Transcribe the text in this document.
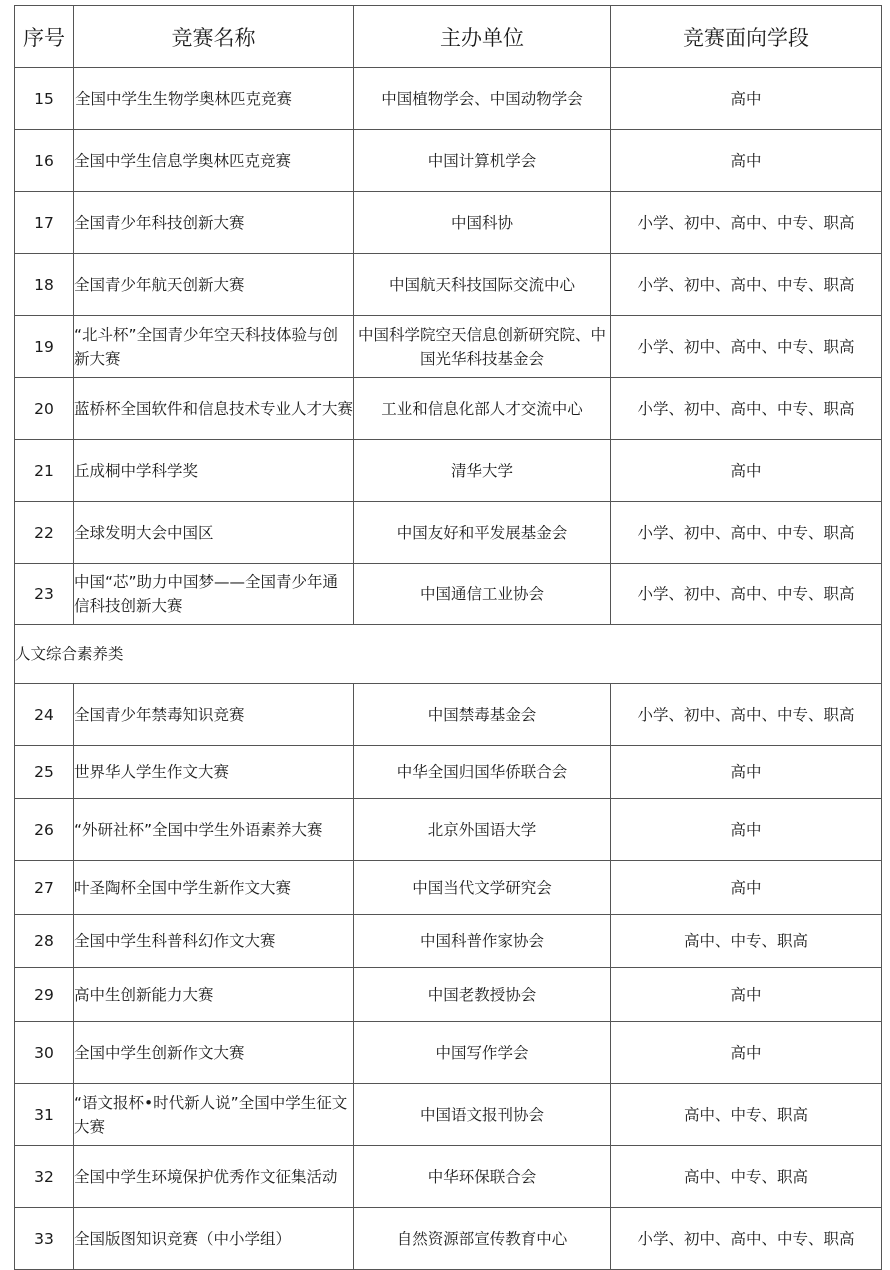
序号	竞赛名称	主办单位	竞赛面向学段
15	全国中学生生物学奥林匹克竞赛	中国植物学会、中国动物学会	高中
16	全国中学生信息学奥林匹克竞赛	中国计算机学会	高中
17	全国青少年科技创新大赛	中国科协	小学、初中、高中、中专、职高
18	全国青少年航天创新大赛	中国航天科技国际交流中心	小学、初中、高中、中专、职高
19	“北斗杯”全国青少年空天科技体验与创新大赛	中国科学院空天信息创新研究院、中国光华科技基金会	小学、初中、高中、中专、职高
20	蓝桥杯全国软件和信息技术专业人才大赛	工业和信息化部人才交流中心	小学、初中、高中、中专、职高
21	丘成桐中学科学奖	清华大学	高中
22	全球发明大会中国区	中国友好和平发展基金会	小学、初中、高中、中专、职高
23	中国“芯”助力中国梦——全国青少年通信科技创新大赛	中国通信工业协会	小学、初中、高中、中专、职高
人文综合素养类			
24	全国青少年禁毒知识竞赛	中国禁毒基金会	小学、初中、高中、中专、职高
25	世界华人学生作文大赛	中华全国归国华侨联合会	高中
26	“外研社杯”全国中学生外语素养大赛	北京外国语大学	高中
27	叶圣陶杯全国中学生新作文大赛	中国当代文学研究会	高中
28	全国中学生科普科幻作文大赛	中国科普作家协会	高中、中专、职高
29	高中生创新能力大赛	中国老教授协会	高中
30	全国中学生创新作文大赛	中国写作学会	高中
31	“语文报杯•时代新人说”全国中学生征文大赛	中国语文报刊协会	高中、中专、职高
32	全国中学生环境保护优秀作文征集活动	中华环保联合会	高中、中专、职高
33	全国版图知识竞赛（中小学组）	自然资源部宣传教育中心	小学、初中、高中、中专、职高
